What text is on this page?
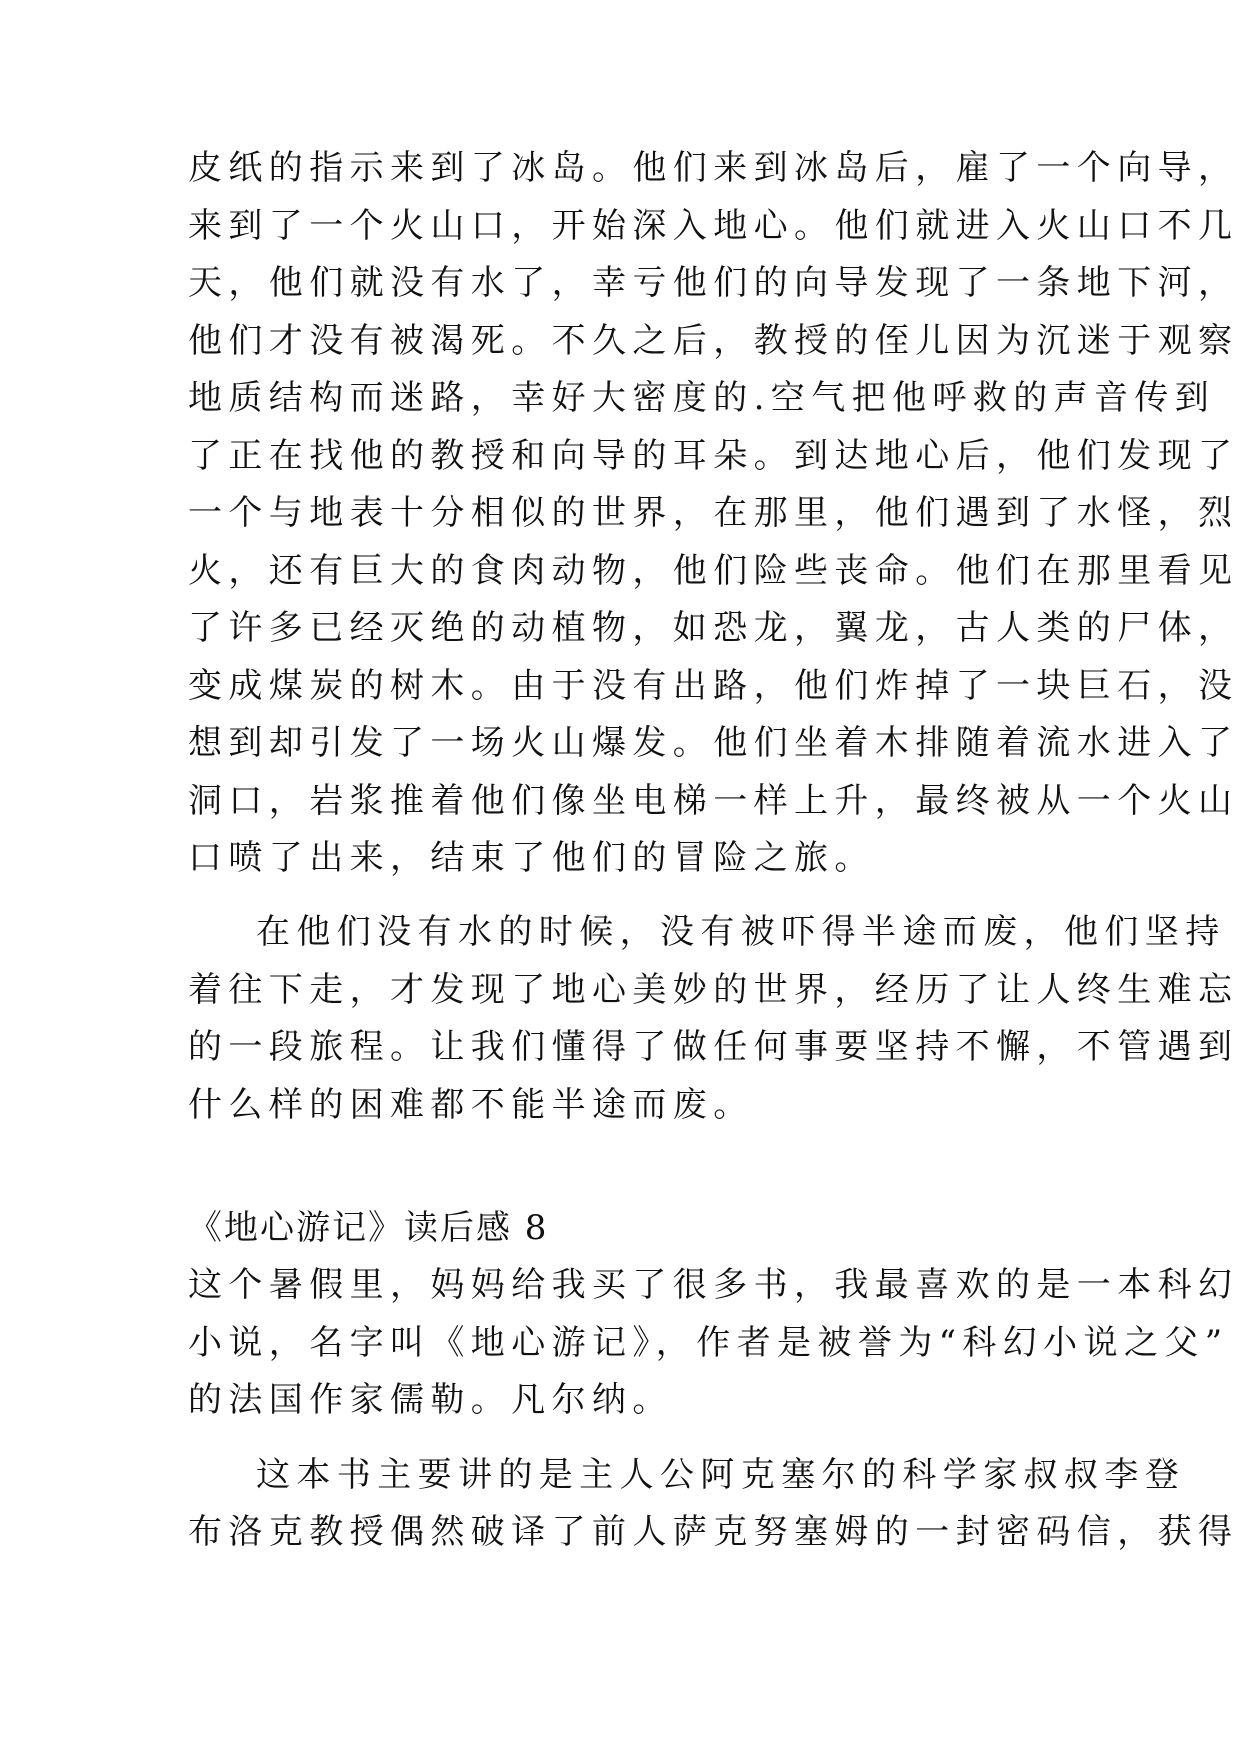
皮纸的指示来到了冰岛。他们来到冰岛后，雇了一个向导，
来到了一个火山口，开始深入地心。他们就进入火山口不几
天，他们就没有水了，幸亏他们的向导发现了一条地下河，
他们才没有被渴死。不久之后，教授的侄儿因为沉迷于观察
地质结构而迷路，幸好大密度的.空气把他呼救的声音传到
了正在找他的教授和向导的耳朵。到达地心后，他们发现了
一个与地表十分相似的世界，在那里，他们遇到了水怪，烈
火，还有巨大的食肉动物，他们险些丧命。他们在那里看见
了许多已经灭绝的动植物，如恐龙，翼龙，古人类的尸体，
变成煤炭的树木。由于没有出路，他们炸掉了一块巨石，没
想到却引发了一场火山爆发。他们坐着木排随着流水进入了
洞口，岩浆推着他们像坐电梯一样上升，最终被从一个火山
口喷了出来，结束了他们的冒险之旅。
在他们没有水的时候，没有被吓得半途而废，他们坚持
着往下走，才发现了地心美妙的世界，经历了让人终生难忘
的一段旅程。让我们懂得了做任何事要坚持不懈，不管遇到
什么样的困难都不能半途而废。
《地心游记》读后感 8
这个暑假里，妈妈给我买了很多书，我最喜欢的是一本科幻
小说，名字叫《地心游记》，作者是被誉为“科幻小说之父”
的法国作家儒勒。凡尔纳。
这本书主要讲的是主人公阿克塞尔的科学家叔叔李登
布洛克教授偶然破译了前人萨克努塞姆的一封密码信，获得
